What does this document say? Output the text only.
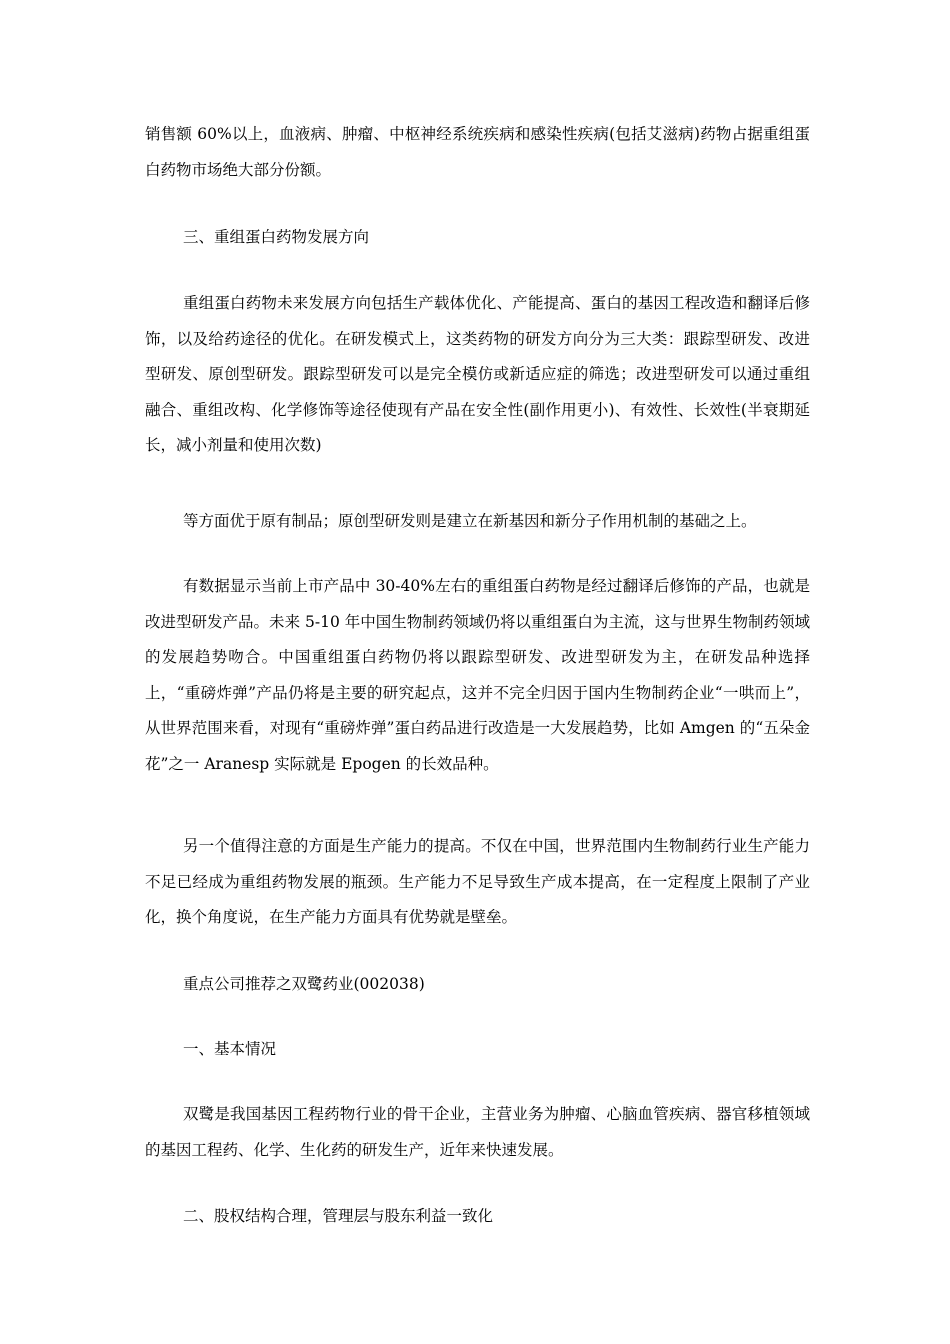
销售额 60%以上，血液病、肿瘤、中枢神经系统疾病和感染性疾病(包括艾滋病)药物占据重组蛋白药物市场绝大部分份额。

三、重组蛋白药物发展方向

重组蛋白药物未来发展方向包括生产载体优化、产能提高、蛋白的基因工程改造和翻译后修饰，以及给药途径的优化。在研发模式上，这类药物的研发方向分为三大类：跟踪型研发、改进型研发、原创型研发。跟踪型研发可以是完全模仿或新适应症的筛选；改进型研发可以通过重组融合、重组改构、化学修饰等途径使现有产品在安全性(副作用更小)、有效性、长效性(半衰期延长，减小剂量和使用次数)

等方面优于原有制品；原创型研发则是建立在新基因和新分子作用机制的基础之上。

有数据显示当前上市产品中 30-40%左右的重组蛋白药物是经过翻译后修饰的产品，也就是改进型研发产品。未来 5-10 年中国生物制药领域仍将以重组蛋白为主流，这与世界生物制药领域的发展趋势吻合。中国重组蛋白药物仍将以跟踪型研发、改进型研发为主，在研发品种选择上，“重磅炸弹”产品仍将是主要的研究起点，这并不完全归因于国内生物制药企业“一哄而上”，从世界范围来看，对现有“重磅炸弹”蛋白药品进行改造是一大发展趋势，比如 Amgen 的“五朵金花”之一 Aranesp 实际就是 Epogen 的长效品种。

另一个值得注意的方面是生产能力的提高。不仅在中国，世界范围内生物制药行业生产能力不足已经成为重组药物发展的瓶颈。生产能力不足导致生产成本提高，在一定程度上限制了产业化，换个角度说，在生产能力方面具有优势就是壁垒。

重点公司推荐之双鹭药业(002038)

一、基本情况

双鹭是我国基因工程药物行业的骨干企业，主营业务为肿瘤、心脑血管疾病、器官移植领域的基因工程药、化学、生化药的研发生产，近年来快速发展。

二、股权结构合理，管理层与股东利益一致化
